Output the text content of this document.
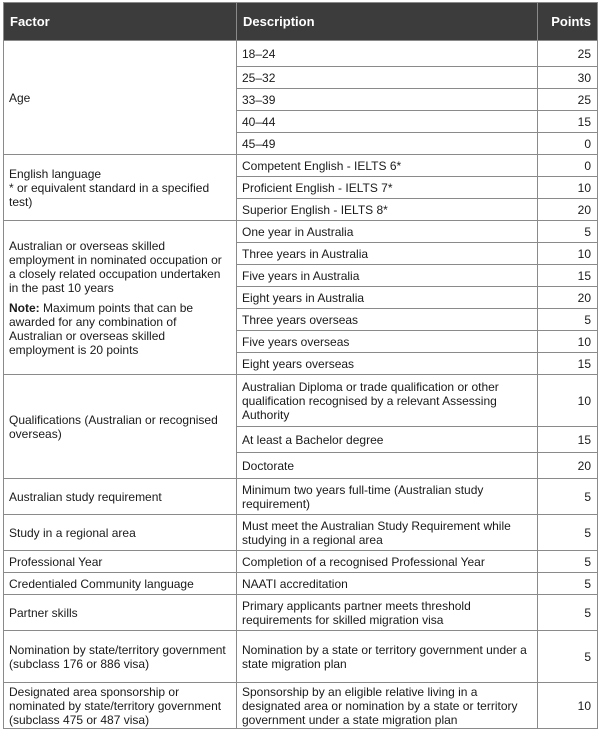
Factor	Description	Points

Age	18–24	25
	25–32	30
	33–39	25
	40–44	15
	45–49	0

English language
* or equivalent standard in a specified test)	Competent English - IELTS 6*	0
	Proficient English - IELTS 7*	10
	Superior English - IELTS 8*	20

Australian or overseas skilled employment in nominated occupation or a closely related occupation undertaken in the past 10 years

Note: Maximum points that can be awarded for any combination of Australian or overseas skilled employment is 20 points	One year in Australia	5
	Three years in Australia	10
	Five years in Australia	15
	Eight years in Australia	20
	Three years overseas	5
	Five years overseas	10
	Eight years overseas	15

Qualifications (Australian or recognised overseas)	Australian Diploma or trade qualification or other qualification recognised by a relevant Assessing Authority	10
	At least a Bachelor degree	15
	Doctorate	20

Australian study requirement	Minimum two years full-time (Australian study requirement)	5

Study in a regional area	Must meet the Australian Study Requirement while studying in a regional area	5

Professional Year	Completion of a recognised Professional Year	5

Credentialed Community language	NAATI accreditation	5

Partner skills	Primary applicants partner meets threshold requirements for skilled migration visa	5

Nomination by state/territory government
(subclass 176 or 886 visa)	Nomination by a state or territory government under a state migration plan	5

Designated area sponsorship or nominated by state/territory government
(subclass 475 or 487 visa)	Sponsorship by an eligible relative living in a designated area or nomination by a state or territory government under a state migration plan	10
